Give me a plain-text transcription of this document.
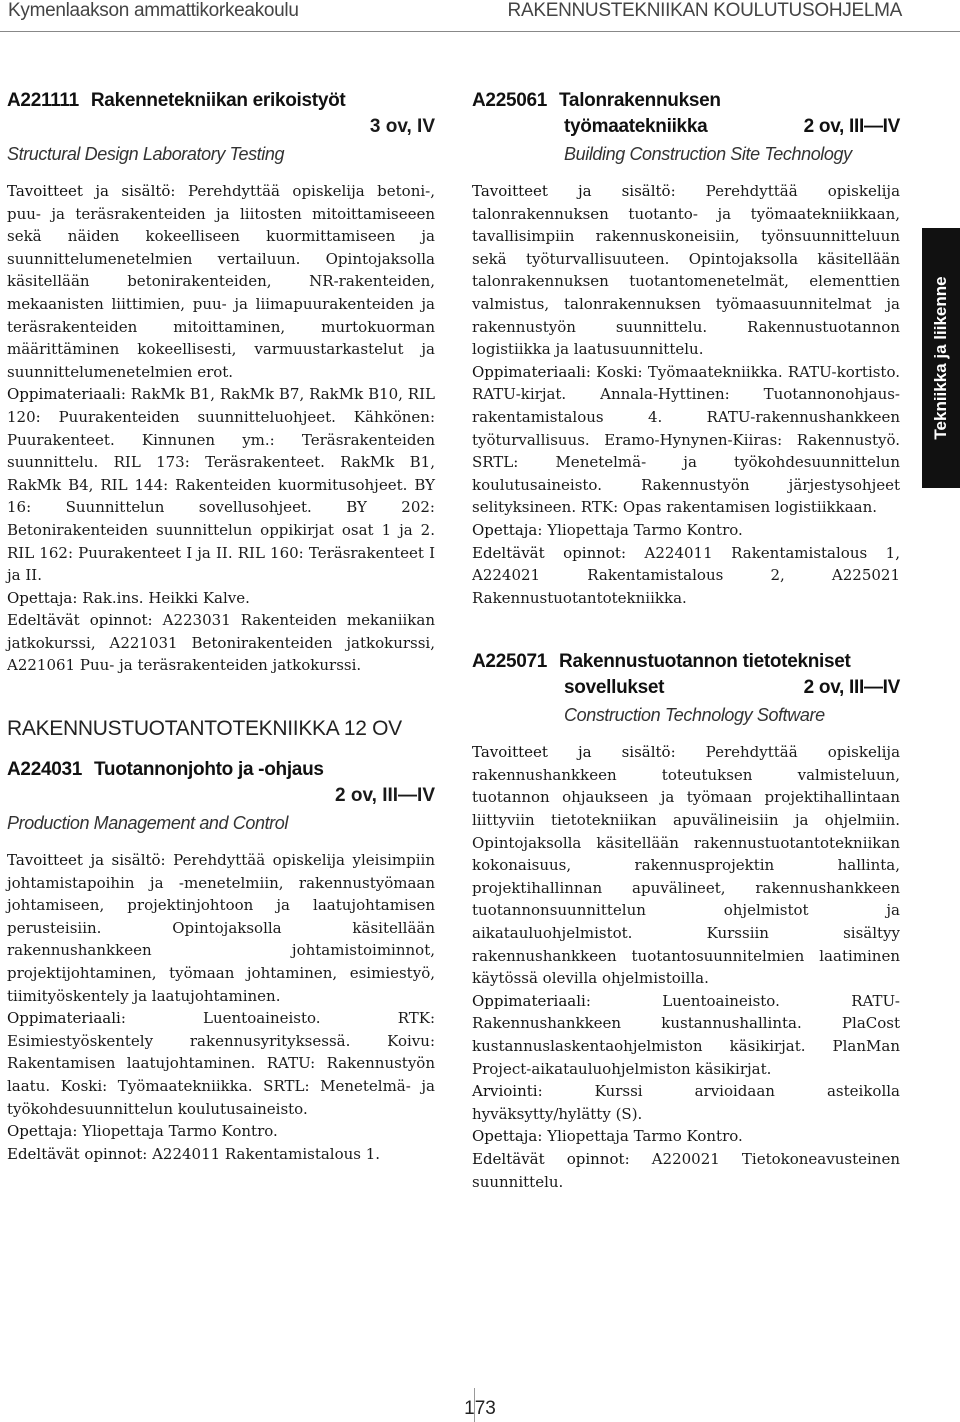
Kymenlaakson ammattikorkeakoulu	RAKENNUSTEKNIIKAN KOULUTUSOHJELMA
A221111 Rakennetekniikan erikoistyöt
3 ov, IV
Structural Design Laboratory Testing

Tavoitteet ja sisältö: Perehdyttää opiskelija betoni-, puu- ja teräsrakenteiden ja liitosten mitoittamiseeen sekä näiden kokeelliseen kuormittamiseen ja suunnittelumenetelmien vertailuun. Opintojaksolla käsitellään betonirakenteiden, NR-rakenteiden, mekaanisten liittimien, puu- ja liimapuurakenteiden ja teräsrakenteiden mitoittaminen, murtokuorman määrittäminen kokeellisesti, varmuustarkastelut ja suunnittelumenetelmien erot.

Oppimateriaali: RakMk B1, RakMk B7, RakMk B10, RIL 120: Puurakenteiden suunnitteluohjeet. Kähkönen: Puurakenteet. Kinnunen ym.: Teräsrakenteiden suunnittelu. RIL 173: Teräsrakenteet. RakMk B1, RakMk B4, RIL 144: Rakenteiden kuormitusohjeet. BY 16: Suunnittelun sovellusohjeet. BY 202: Betonirakenteiden suunnittelun oppikirjat osat 1 ja 2. RIL 162: Puurakenteet I ja II. RIL 160: Teräsrakenteet I ja II.

Opettaja: Rak.ins. Heikki Kalve.

Edeltävät opinnot: A223031 Rakenteiden mekaniikan jatkokurssi, A221031 Betonirakenteiden jatkokurssi, A221061 Puu- ja teräsrakenteiden jatkokurssi.

RAKENNUSTUOTANTOTEKNIIKKA 12 OV
A224031 Tuotannonjohto ja -ohjaus
2 ov, III—IV
Production Management and Control

Tavoitteet ja sisältö: Perehdyttää opiskelija yleisimpiin johtamistapoihin ja -menetelmiin, rakennustyömaan johtamiseen, projektinjohtoon ja laatujohtamisen perusteisiin. Opintojaksolla käsitellään rakennushankkeen johtamistoiminnot, projektijohtaminen, työmaan johtaminen, esimiestyö, tiimityöskentely ja laatujohtaminen.

Oppimateriaali: Luentoaineisto. RTK: Esimiestyöskentely rakennusyrityksessä. Koivu: Rakentamisen laatujohtaminen. RATU: Rakennustyön laatu. Koski: Työmaatekniikka. SRTL: Menetelmä- ja työkohdesuunnittelun koulutusaineisto.

Opettaja: Yliopettaja Tarmo Kontro.

Edeltävät opinnot: A224011 Rakentamistalous 1.

A225061 Talonrakennuksen
työmaatekniikka	2 ov, III—IV
Building Construction Site Technology

Tavoitteet ja sisältö: Perehdyttää opiskelija talonrakennuksen tuotanto- ja työmaatekniikkaan, tavallisimpiin rakennuskoneisiin, työnsuunnitteluun sekä työturvallisuuteen. Opintojaksolla käsitellään talonrakennuksen tuotantomenetelmät, elementtien valmistus, talonrakennuksen työmaasuunnitelmat ja rakennustyön suunnittelu. Rakennustuotannon logistiikka ja laatusuunnittelu.

Oppimateriaali: Koski: Työmaatekniikka. RATU-kortisto. RATU-kirjat. Annala-Hyttinen: Tuotannonohjaus-rakentamistalous 4. RATU-rakennushankkeen työturvallisuus. Eramo-Hynynen-Kiiras: Rakennustyö. SRTL: Menetelmä- ja työkohdesuunnittelun koulutusaineisto. Rakennustyön järjestysohjeet selityksineen. RTK: Opas rakentamisen logistiikkaan.

Opettaja: Yliopettaja Tarmo Kontro.

Edeltävät opinnot: A224011 Rakentamistalous 1, A224021 Rakentamistalous 2, A225021 Rakennustuotantotekniikka.

A225071 Rakennustuotannon tietotekniset
sovellukset	2 ov, III—IV
Construction Technology Software

Tavoitteet ja sisältö: Perehdyttää opiskelija rakennushankkeen toteutuksen valmisteluun, tuotannon ohjaukseen ja työmaan projektihallintaan liittyviin tietotekniikan apuvälineisiin ja ohjelmiin. Opintojaksolla käsitellään rakennustuotantotekniikan kokonaisuus, rakennusprojektin hallinta, projektihallinnan apuvälineet, rakennushankkeen tuotannonsuunnittelun ohjelmistot ja aikatauluohjelmistot. Kurssiin sisältyy rakennushankkeen tuotantosuunnitelmien laatiminen käytössä olevilla ohjelmistoilla.

Oppimateriaali: Luentoaineisto. RATU-Rakennushankkeen kustannushallinta. PlaCost kustannuslaskentaohjelmiston käsikirjat. PlanMan Project-aikatauluohjelmiston käsikirjat.

Arviointi: Kurssi arvioidaan asteikolla hyväksytty/hylätty (S).

Opettaja: Yliopettaja Tarmo Kontro.

Edeltävät opinnot: A220021 Tietokoneavusteinen suunnittelu.

Tekniikka ja liikenne
173
